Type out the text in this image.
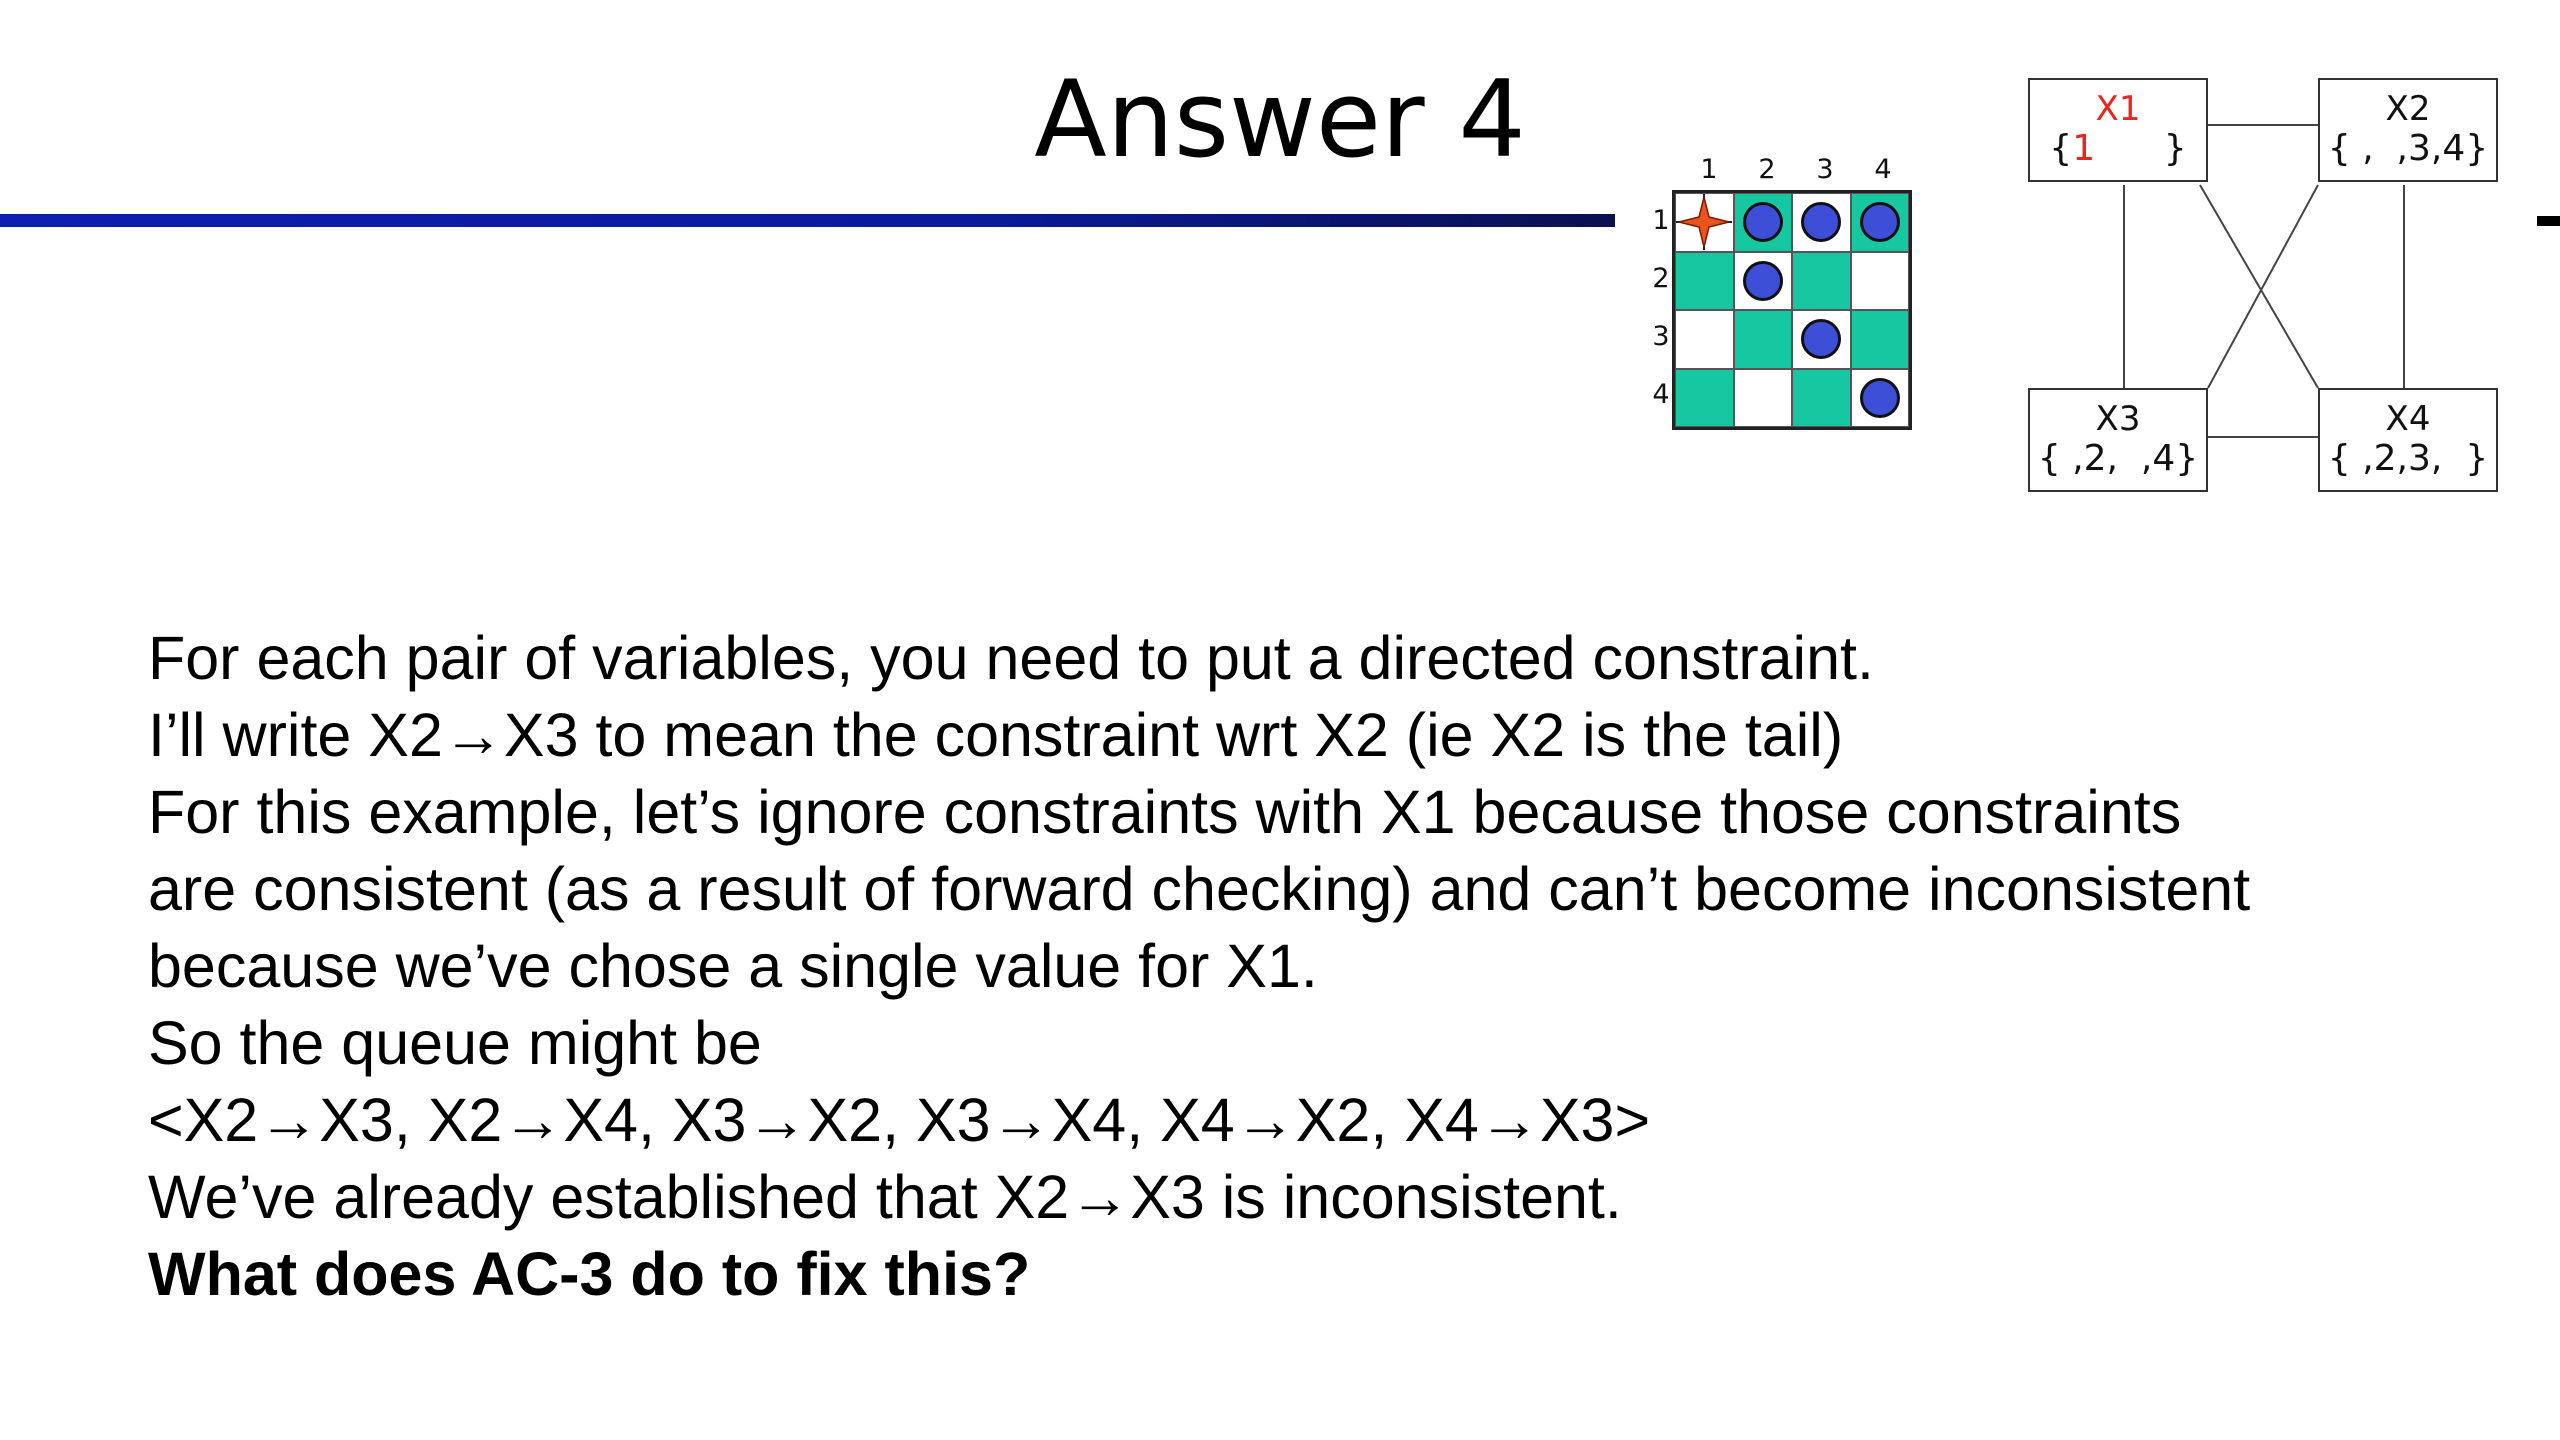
Answer 4	1 2 3 4
1
2
3
4
X1
{1      }
X2
{ ,  ,3,4}
X3
{ ,2,  ,4}
X4
{ ,2,3,  }
For each pair of variables, you need to put a directed constraint.
I’ll write X2→X3 to mean the constraint wrt X2 (ie X2 is the tail)
For this example, let’s ignore constraints with X1 because those constraints
are consistent (as a result of forward checking) and can’t become inconsistent
because we’ve chose a single value for X1.
So the queue might be
<X2→X3, X2→X4, X3→X2, X3→X4, X4→X2, X4→X3>
We’ve already established that X2→X3 is inconsistent.
What does AC-3 do to fix this?
